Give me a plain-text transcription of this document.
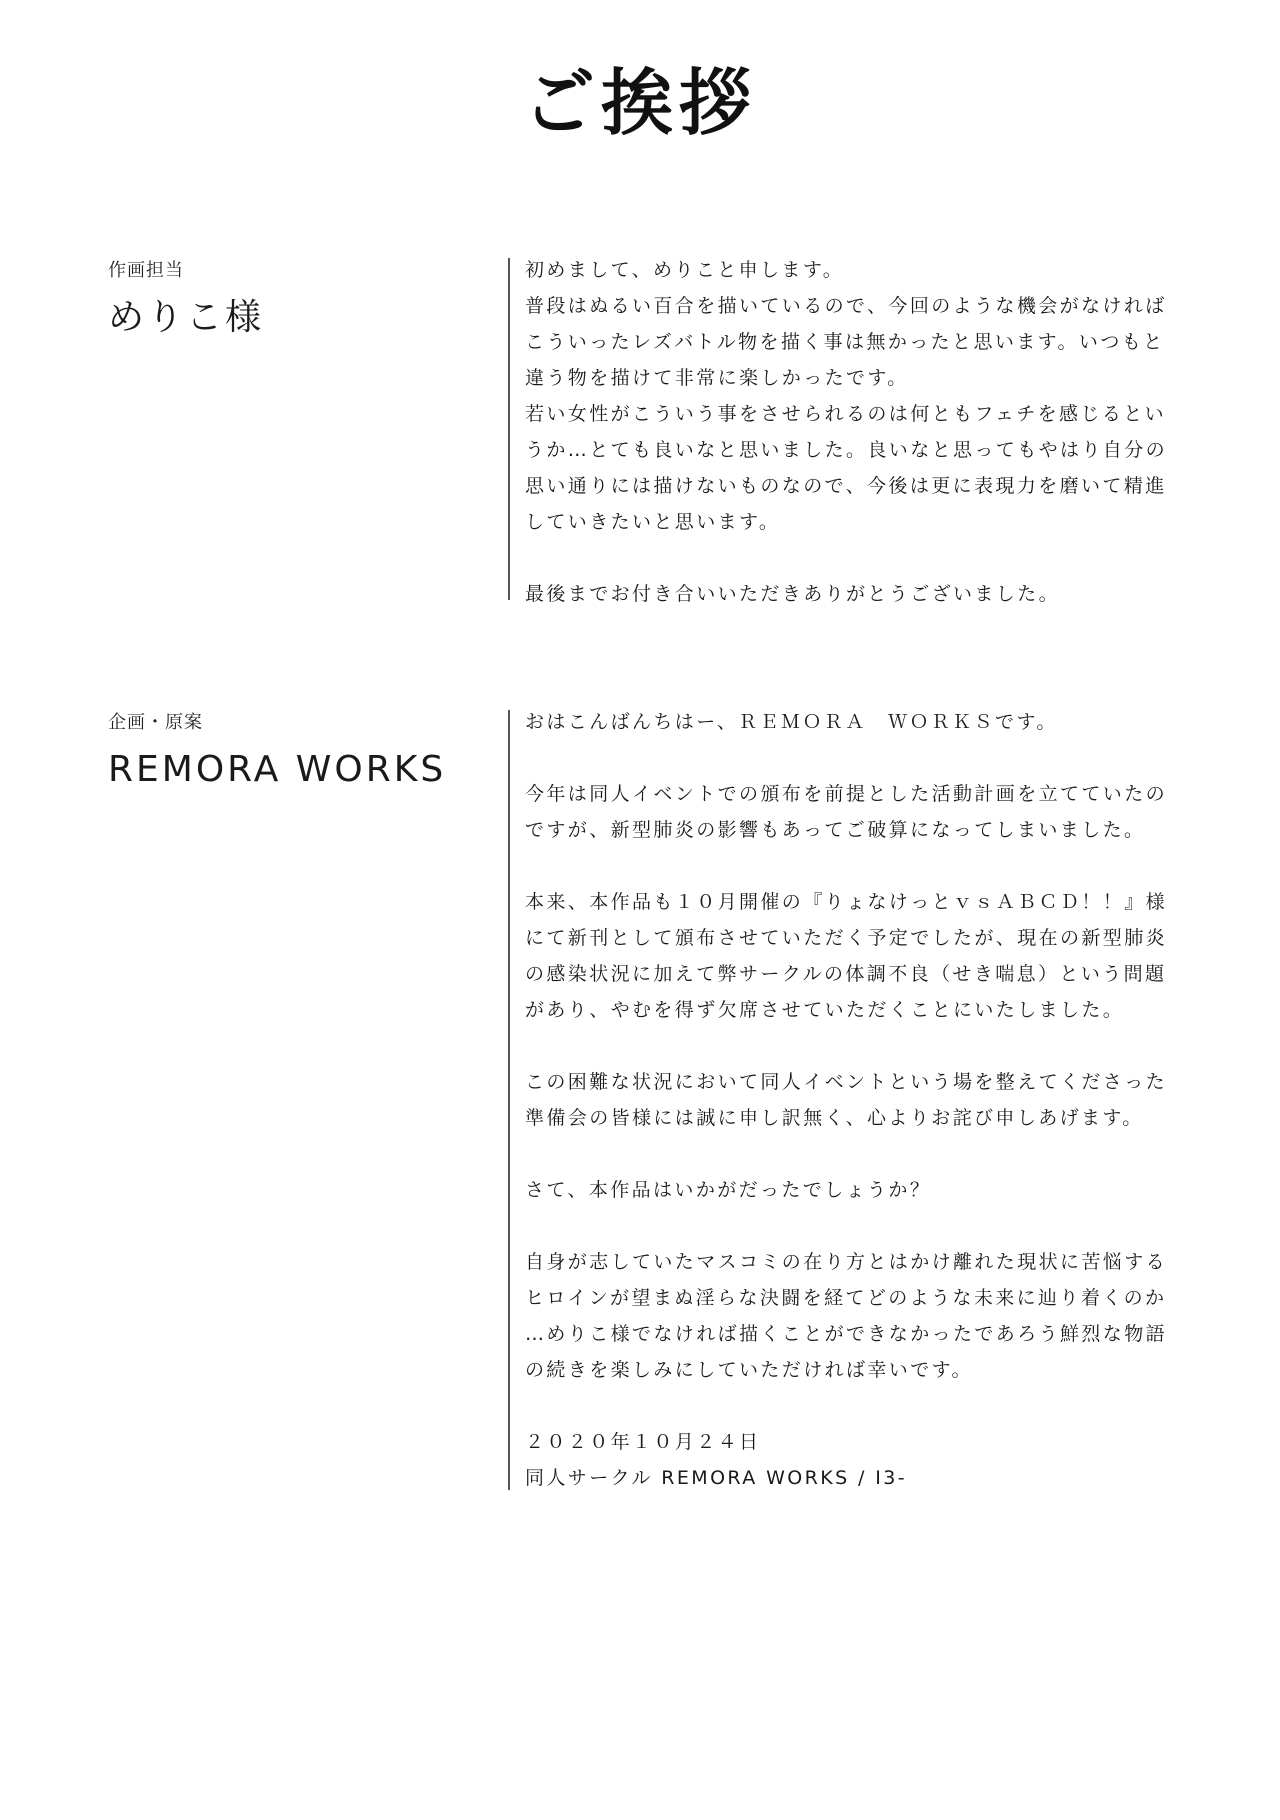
ご挨拶
作画担当
めりこ様

初めまして、めりこと申します。
普段はぬるい百合を描いているので、今回のような機会がなければ
こういったレズバトル物を描く事は無かったと思います。いつもと
違う物を描けて非常に楽しかったです。
若い女性がこういう事をさせられるのは何ともフェチを感じるとい
うか…とても良いなと思いました。良いなと思ってもやはり自分の
思い通りには描けないものなので、今後は更に表現力を磨いて精進
していきたいと思います。

最後までお付き合いいただきありがとうございました。

企画・原案
REMORA WORKS

おはこんばんちはー、ＲＥＭＯＲＡ　ＷＯＲＫＳです。

今年は同人イベントでの頒布を前提とした活動計画を立てていたの
ですが、新型肺炎の影響もあってご破算になってしまいました。

本来、本作品も１０月開催の『りょなけっとｖｓＡＢＣＤ！！』様
にて新刊として頒布させていただく予定でしたが、現在の新型肺炎
の感染状況に加えて弊サークルの体調不良（せき喘息）という問題
があり、やむを得ず欠席させていただくことにいたしました。

この困難な状況において同人イベントという場を整えてくださった
準備会の皆様には誠に申し訳無く、心よりお詫び申しあげます。

さて、本作品はいかがだったでしょうか？

自身が志していたマスコミの在り方とはかけ離れた現状に苦悩する
ヒロインが望まぬ淫らな決闘を経てどのような未来に辿り着くのか
…めりこ様でなければ描くことができなかったであろう鮮烈な物語
の続きを楽しみにしていただければ幸いです。

２０２０年１０月２４日
同人サークル REMORA WORKS / I3-
